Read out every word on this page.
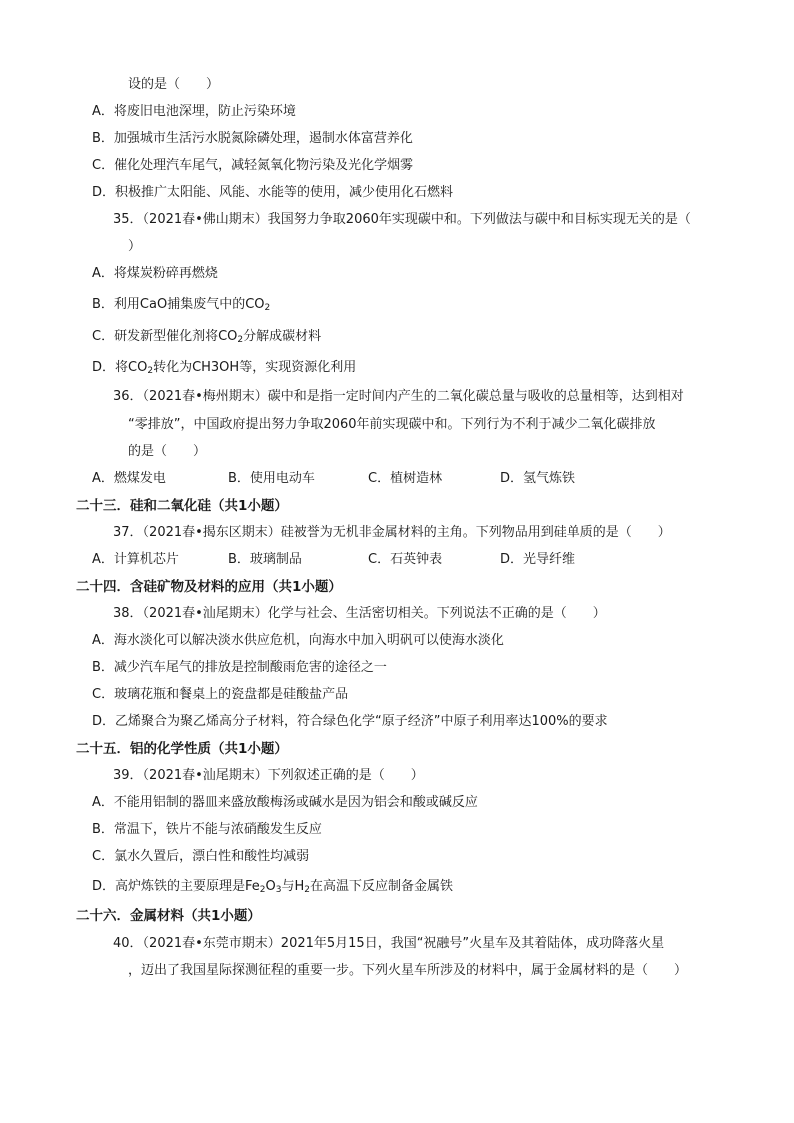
设的是（　　）
A．将废旧电池深埋，防止污染环境
B．加强城市生活污水脱氮除磷处理，遏制水体富营养化
C．催化处理汽车尾气，减轻氮氧化物污染及光化学烟雾
D．积极推广太阳能、风能、水能等的使用，减少使用化石燃料
35．（2021春•佛山期末）我国努力争取2060年实现碳中和。下列做法与碳中和目标实现无关的是（
）
A．将煤炭粉碎再燃烧
B．利用CaO捕集废气中的$CO_2$
C．研发新型催化剂将$CO_2$分解成碳材料
D．将$CO_2$转化为CH3OH等，实现资源化利用
36．（2021春•梅州期末）碳中和是指一定时间内产生的二氧化碳总量与吸收的总量相等，达到相对
“零排放”，中国政府提出努力争取2060年前实现碳中和。下列行为不利于减少二氧化碳排放
的是（　　）
A．燃煤发电	B．使用电动车	C．植树造林	D．氢气炼铁
二十三．硅和二氧化硅（共1小题）
37．（2021春•揭东区期末）硅被誉为无机非金属材料的主角。下列物品用到硅单质的是（　　）
A．计算机芯片	B．玻璃制品	C．石英钟表	D．光导纤维
二十四．含硅矿物及材料的应用（共1小题）
38．（2021春•汕尾期末）化学与社会、生活密切相关。下列说法不正确的是（　　）
A．海水淡化可以解决淡水供应危机，向海水中加入明矾可以使海水淡化
B．减少汽车尾气的排放是控制酸雨危害的途径之一
C．玻璃花瓶和餐桌上的瓷盘都是硅酸盐产品
D．乙烯聚合为聚乙烯高分子材料，符合绿色化学“原子经济”中原子利用率达100%的要求
二十五．铝的化学性质（共1小题）
39．（2021春•汕尾期末）下列叙述正确的是（　　）
A．不能用铝制的器皿来盛放酸梅汤或碱水是因为铝会和酸或碱反应
B．常温下，铁片不能与浓硝酸发生反应
C．氯水久置后，漂白性和酸性均减弱
D．高炉炼铁的主要原理是$Fe_2O_3$与$H_2$在高温下反应制备金属铁
二十六．金属材料（共1小题）
40．（2021春•东莞市期末）2021年5月15日，我国“祝融号”火星车及其着陆体，成功降落火星
，迈出了我国星际探测征程的重要一步。下列火星车所涉及的材料中，属于金属材料的是（　　）
